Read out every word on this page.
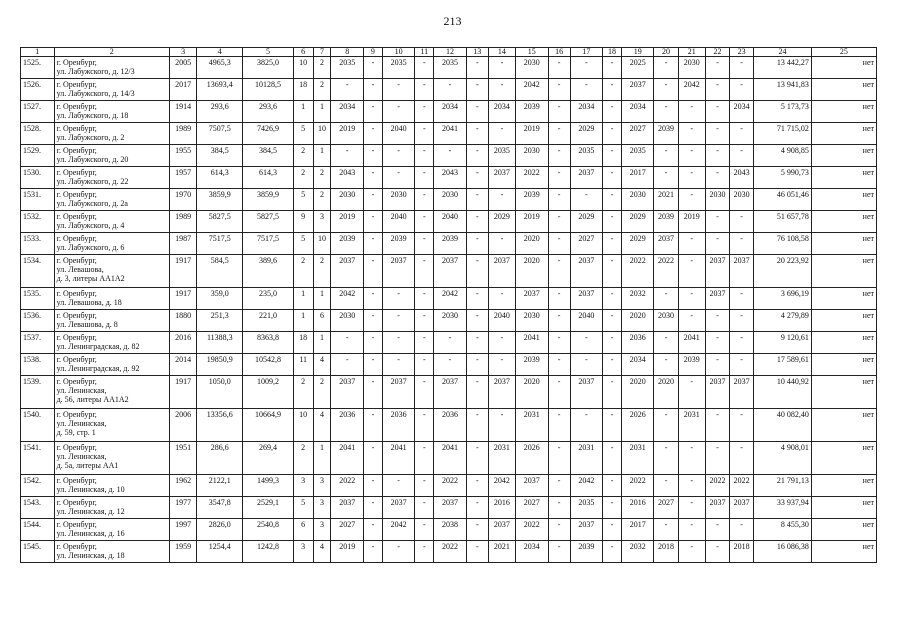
213
1	2	3	4	5	6	7	8	9	10	11	12	13	14	15	16	17	18	19	20	21	22	23	24	25
1525.	г. Оренбург,
ул. Лабужского, д. 12/3	2005	4965,3	3825,0	10	2	2035	-	2035	-	2035	-	-	2030	-	-	-	2025	-	2030	-	-	13 442,27	нет
1526.	г. Оренбург,
ул. Лабужского, д. 14/3	2017	13693,4	10128,5	18	2	-	-	-	-	-	-	-	2042	-	-	-	2037	-	2042	-	-	13 941,83	нет
1527.	г. Оренбург,
ул. Лабужского, д. 18	1914	293,6	293,6	1	1	2034	-	-	-	2034	-	2034	2039	-	2034	-	2034	-	-	-	2034	5 173,73	нет
1528.	г. Оренбург,
ул. Лабужского, д. 2	1989	7507,5	7426,9	5	10	2019	-	2040	-	2041	-	-	2019	-	2029	-	2027	2039	-	-	-	71 715,02	нет
1529.	г. Оренбург,
ул. Лабужского, д. 20	1955	384,5	384,5	2	1	-	-	-	-	-	-	2035	2030	-	2035	-	2035	-	-	-	-	4 908,85	нет
1530.	г. Оренбург,
ул. Лабужского, д. 22	1957	614,3	614,3	2	2	2043	-	-	-	2043	-	2037	2022	-	2037	-	2017	-	-	-	2043	5 990,73	нет
1531.	г. Оренбург,
ул. Лабужского, д. 2а	1970	3859,9	3859,9	5	2	2030	-	2030	-	2030	-	-	2039	-	-	-	2030	2021	-	2030	2030	46 051,46	нет
1532.	г. Оренбург,
ул. Лабужского, д. 4	1989	5827,5	5827,5	9	3	2019	-	2040	-	2040	-	2029	2019	-	2029	-	2029	2039	2019	-	-	51 657,78	нет
1533.	г. Оренбург,
ул. Лабужского, д. 6	1987	7517,5	7517,5	5	10	2039	-	2039	-	2039	-	-	2020	-	2027	-	2029	2037	-	-	-	76 108,58	нет
1534.	г. Оренбург,
ул. Левашова,
д. 3, литеры АА1А2	1917	584,5	389,6	2	2	2037	-	2037	-	2037	-	2037	2020	-	2037	-	2022	2022	-	2037	2037	20 223,92	нет
1535.	г. Оренбург,
ул. Левашова, д. 18	1917	359,0	235,0	1	1	2042	-	-	-	2042	-	-	2037	-	2037	-	2032	-	-	2037	-	3 696,19	нет
1536.	г. Оренбург,
ул. Левашова, д. 8	1880	251,3	221,0	1	6	2030	-	-	-	2030	-	2040	2030	-	2040	-	2020	2030	-	-	-	4 279,89	нет
1537.	г. Оренбург,
ул. Ленинградская, д. 82	2016	11388,3	8363,8	18	1	-	-	-	-	-	-	-	2041	-	-	-	2036	-	2041	-	-	9 120,61	нет
1538.	г. Оренбург,
ул. Ленинградская, д. 92	2014	19850,9	10542,8	11	4	-	-	-	-	-	-	-	2039	-	-	-	2034	-	2039	-	-	17 589,61	нет
1539.	г. Оренбург,
ул. Ленинская,
д. 56, литеры АА1А2	1917	1050,0	1009,2	2	2	2037	-	2037	-	2037	-	2037	2020	-	2037	-	2020	2020	-	2037	2037	10 440,92	нет
1540.	г. Оренбург,
ул. Ленинская,
д. 59, стр. 1	2006	13356,6	10664,9	10	4	2036	-	2036	-	2036	-	-	2031	-	-	-	2026	-	2031	-	-	40 082,40	нет
1541.	г. Оренбург,
ул. Ленинская,
д. 5а, литеры АА1	1951	286,6	269,4	2	1	2041	-	2041	-	2041	-	2031	2026	-	2031	-	2031	-	-	-	-	4 908,01	нет
1542.	г. Оренбург,
ул. Ленинская, д. 10	1962	2122,1	1499,3	3	3	2022	-	-	-	2022	-	2042	2037	-	2042	-	2022	-	-	2022	2022	21 791,13	нет
1543.	г. Оренбург,
ул. Ленинская, д. 12	1977	3547,8	2529,1	5	3	2037	-	2037	-	2037	-	2016	2027	-	2035	-	2016	2027	-	2037	2037	33 937,94	нет
1544.	г. Оренбург,
ул. Ленинская, д. 16	1997	2826,0	2540,8	6	3	2027	-	2042	-	2038	-	2037	2022	-	2037	-	2017	-	-	-	-	8 455,30	нет
1545.	г. Оренбург,
ул. Ленинская, д. 18	1959	1254,4	1242,8	3	4	2019	-	-	-	2022	-	2021	2034	-	2039	-	2032	2018	-	-	2018	16 086,38	нет
